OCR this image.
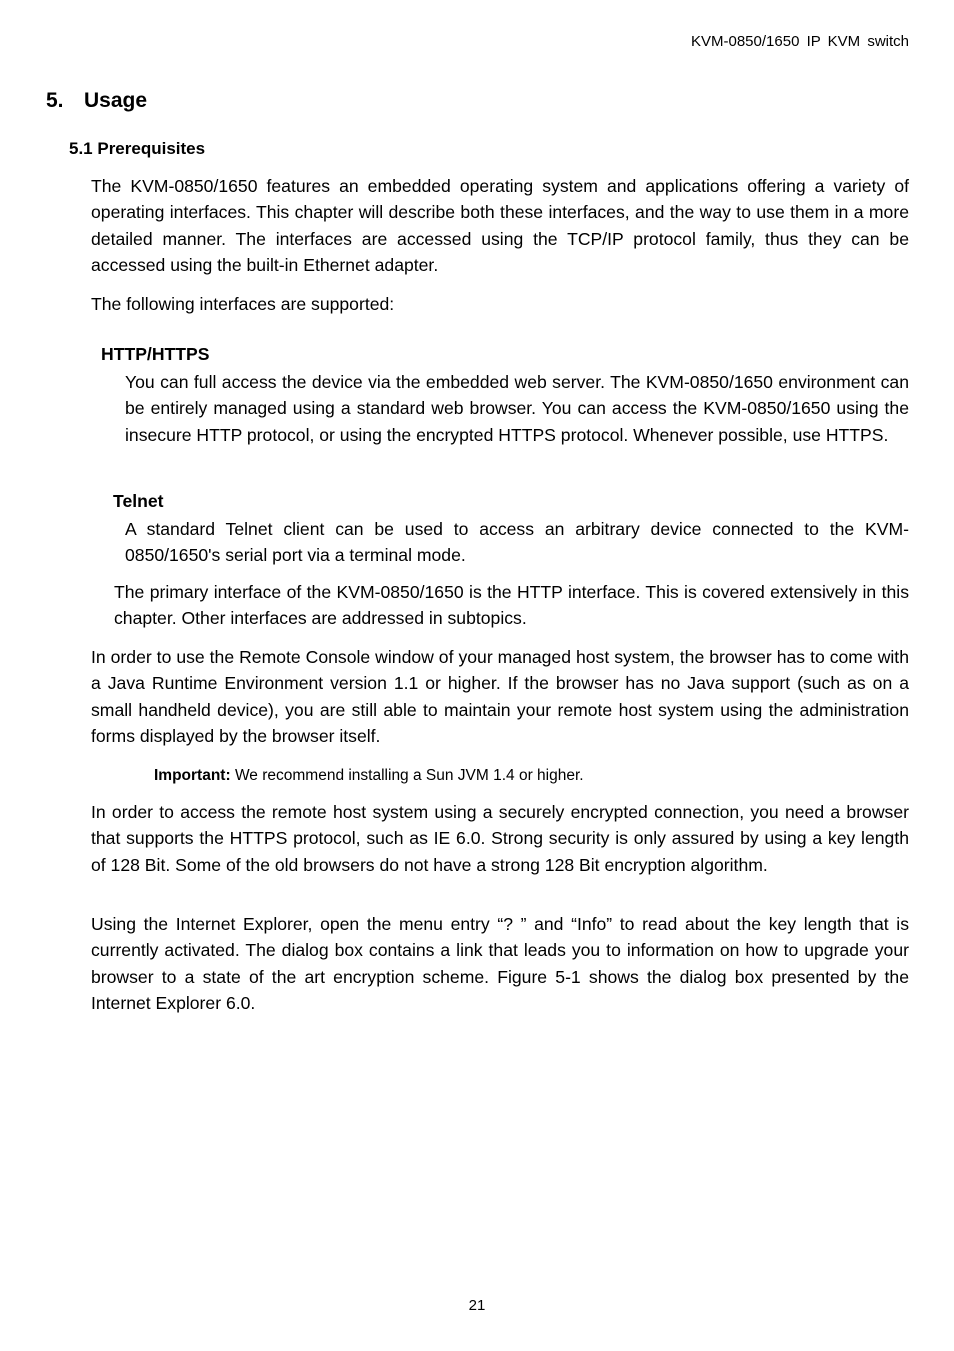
KVM-0850/1650 IP KVM switch
5. Usage
5.1 Prerequisites

The KVM-0850/1650 features an embedded operating system and applications offering a variety of operating interfaces. This chapter will describe both these interfaces, and the way to use them in a more detailed manner. The interfaces are accessed using the TCP/IP protocol family, thus they can be accessed using the built-in Ethernet adapter.

The following interfaces are supported:

HTTP/HTTPS

You can full access the device via the embedded web server. The KVM-0850/1650 environment can be entirely managed using a standard web browser. You can access the KVM-0850/1650 using the insecure HTTP protocol, or using the encrypted HTTPS protocol. Whenever possible, use HTTPS.

Telnet

A standard Telnet client can be used to access an arbitrary device connected to the KVM-0850/1650's serial port via a terminal mode.

The primary interface of the KVM-0850/1650 is the HTTP interface. This is covered extensively in this chapter. Other interfaces are addressed in subtopics.

In order to use the Remote Console window of your managed host system, the browser has to come with a Java Runtime Environment version 1.1 or higher. If the browser has no Java support (such as on a small handheld device), you are still able to maintain your remote host system using the administration forms displayed by the browser itself.

Important: We recommend installing a Sun JVM 1.4 or higher.

In order to access the remote host system using a securely encrypted connection, you need a browser that supports the HTTPS protocol, such as IE 6.0. Strong security is only assured by using a key length of 128 Bit. Some of the old browsers do not have a strong 128 Bit encryption algorithm.

Using the Internet Explorer, open the menu entry “? ” and “Info” to read about the key length that is currently activated. The dialog box contains a link that leads you to information on how to upgrade your browser to a state of the art encryption scheme. Figure 5-1 shows the dialog box presented by the Internet Explorer 6.0.

21
